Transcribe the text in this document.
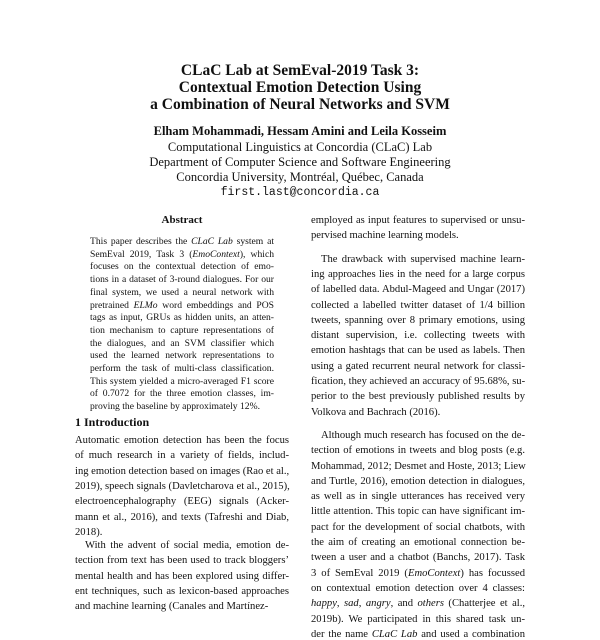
CLaC Lab at SemEval-2019 Task 3:
Contextual Emotion Detection Using
a Combination of Neural Networks and SVM
Elham Mohammadi, Hessam Amini and Leila Kosseim
Computational Linguistics at Concordia (CLaC) Lab
Department of Computer Science and Software Engineering
Concordia University, Montréal, Québec, Canada
first.last@concordia.ca
Abstract
This paper describes the CLaC Lab system at
SemEval 2019, Task 3 (EmoContext), which
focuses on the contextual detection of emo-
tions in a dataset of 3-round dialogues. For our
final system, we used a neural network with
pretrained ELMo word embeddings and POS
tags as input, GRUs as hidden units, an atten-
tion mechanism to capture representations of
the dialogues, and an SVM classifier which
used the learned network representations to
perform the task of multi-class classification.
This system yielded a micro-averaged F1 score
of 0.7072 for the three emotion classes, im-
proving the baseline by approximately 12%.
1 Introduction
Automatic emotion detection has been the focus
of much research in a variety of fields, includ-
ing emotion detection based on images (Rao et al.,
2019), speech signals (Davletcharova et al., 2015),
electroencephalography (EEG) signals (Acker-
mann et al., 2016), and texts (Tafreshi and Diab,
2018).
With the advent of social media, emotion de-
tection from text has been used to track bloggers’
mental health and has been explored using differ-
ent techniques, such as lexicon-based approaches
and machine learning (Canales and Martínez-
employed as input features to supervised or unsu-
pervised machine learning models.
The drawback with supervised machine learn-
ing approaches lies in the need for a large corpus
of labelled data. Abdul-Mageed and Ungar (2017)
collected a labelled twitter dataset of 1/4 billion
tweets, spanning over 8 primary emotions, using
distant supervision, i.e. collecting tweets with
emotion hashtags that can be used as labels. Then
using a gated recurrent neural network for classi-
fication, they achieved an accuracy of 95.68%, su-
perior to the best previously published results by
Volkova and Bachrach (2016).
Although much research has focused on the de-
tection of emotions in tweets and blog posts (e.g.
Mohammad, 2012; Desmet and Hoste, 2013; Liew
and Turtle, 2016), emotion detection in dialogues,
as well as in single utterances has received very
little attention. This topic can have significant im-
pact for the development of social chatbots, with
the aim of creating an emotional connection be-
tween a user and a chatbot (Banchs, 2017). Task
3 of SemEval 2019 (EmoContext) has focussed
on contextual emotion detection over 4 classes:
happy, sad, angry, and others (Chatterjee et al.,
2019b). We participated in this shared task un-
der the name CLaC Lab and used a combination
